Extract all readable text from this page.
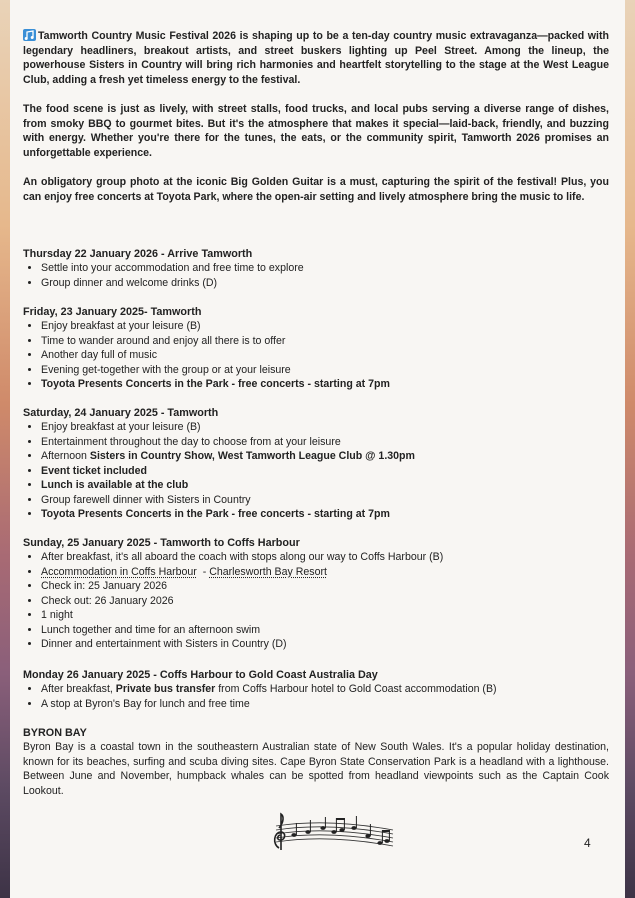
Tamworth Country Music Festival 2026 is shaping up to be a ten-day country music extravaganza—packed with legendary headliners, breakout artists, and street buskers lighting up Peel Street. Among the lineup, the powerhouse Sisters in Country will bring rich harmonies and heartfelt storytelling to the stage at the West League Club, adding a fresh yet timeless energy to the festival.

The food scene is just as lively, with street stalls, food trucks, and local pubs serving a diverse range of dishes, from smoky BBQ to gourmet bites. But it's the atmosphere that makes it special—laid-back, friendly, and buzzing with energy. Whether you're there for the tunes, the eats, or the community spirit, Tamworth 2026 promises an unforgettable experience.

An obligatory group photo at the iconic Big Golden Guitar is a must, capturing the spirit of the festival! Plus, you can enjoy free concerts at Toyota Park, where the open-air setting and lively atmosphere bring the music to life.

Thursday 22 January 2026 - Arrive Tamworth

• Settle into your accommodation and free time to explore
• Group dinner and welcome drinks (D)

Friday, 23 January 2025- Tamworth

• Enjoy breakfast at your leisure (B)
• Time to wander around and enjoy all there is to offer
• Another day full of music
• Evening get-together with the group or at your leisure
• Toyota Presents Concerts in the Park - free concerts - starting at 7pm

Saturday, 24 January 2025 - Tamworth

• Enjoy breakfast at your leisure (B)
• Entertainment throughout the day to choose from at your leisure
• Afternoon Sisters in Country Show, West Tamworth League Club @ 1.30pm
• Event ticket included
• Lunch is available at the club
• Group farewell dinner with Sisters in Country
• Toyota Presents Concerts in the Park - free concerts - starting at 7pm

Sunday, 25 January 2025 - Tamworth to Coffs Harbour

• After breakfast, it's all aboard the coach with stops along our way to Coffs Harbour (B)
• Accommodation in Coffs Harbour  - Charlesworth Bay Resort
• Check in: 25 January 2026
• Check out: 26 January 2026
• 1 night
• Lunch together and time for an afternoon swim
• Dinner and entertainment with Sisters in Country (D)

Monday 26 January 2025 - Coffs Harbour to Gold Coast Australia Day

• After breakfast, Private bus transfer from Coffs Harbour hotel to Gold Coast accommodation (B)
• A stop at Byron's Bay for lunch and free time

BYRON BAY

Byron Bay is a coastal town in the southeastern Australian state of New South Wales. It's a popular holiday destination, known for its beaches, surfing and scuba diving sites. Cape Byron State Conservation Park is a headland with a lighthouse. Between June and November, humpback whales can be spotted from headland viewpoints such as the Captain Cook Lookout.

4
